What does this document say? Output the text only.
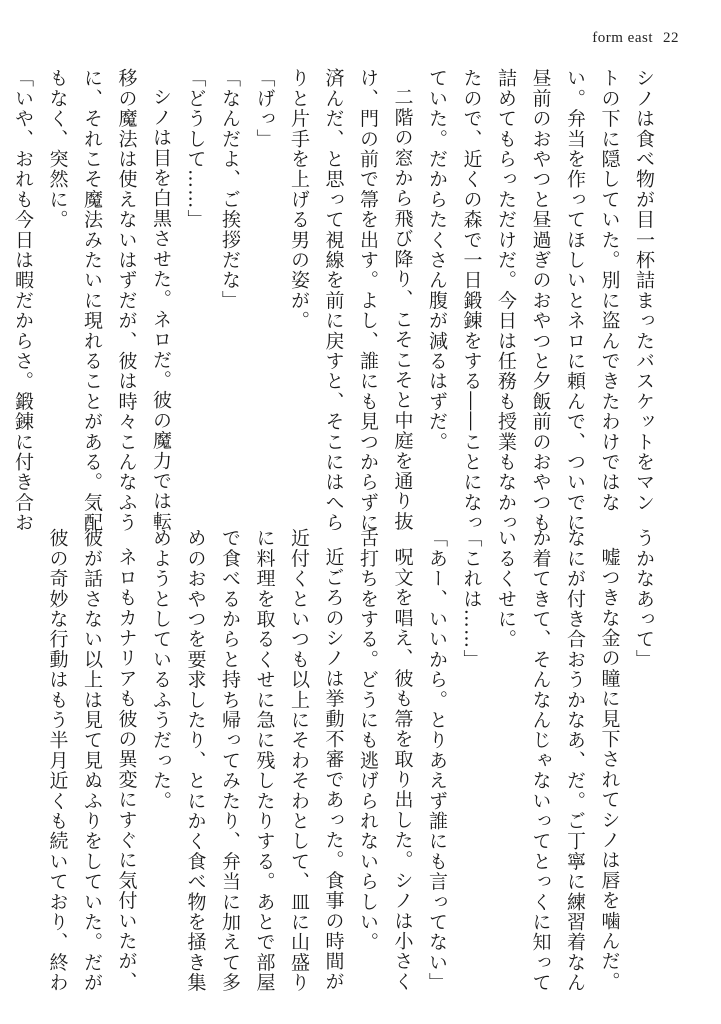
form east 22
シノは食べ物が目一杯詰まったバスケットをマン
トの下に隠していた。別に盗んできたわけではな
い。弁当を作ってほしいとネロに頼んで、ついでに
昼前のおやつと昼過ぎのおやつと夕飯前のおやつも
詰めてもらっただけだ。今日は任務も授業もなかっ
たので、近くの森で一日鍛錬をする――ことになっ
ていた。だからたくさん腹が減るはずだ。
二階の窓から飛び降り、こそこそと中庭を通り抜
け、門の前で箒を出す。よし、誰にも見つからずに
済んだ、と思って視線を前に戻すと、そこにはへら
りと片手を上げる男の姿が。
「げっ」
「なんだよ、ご挨拶だな」
「どうして……」
シノは目を白黒させた。ネロだ。彼の魔力では転
移の魔法は使えないはずだが、彼は時々こんなふう
に、それこそ魔法みたいに現れることがある。気配
もなく、突然に。
「いや、おれも今日は暇だからさ。鍛錬に付き合お
うかなあって」
嘘つきな金の瞳に見下されてシノは唇を噛んだ。
なにが付き合おうかなあ、だ。ご丁寧に練習着なん
か着てきて、そんなんじゃないってとっくに知って
いるくせに。
「これは……」
「あー、いいから。とりあえず誰にも言ってない」
呪文を唱え、彼も箒を取り出した。シノは小さく
舌打ちをする。どうにも逃げられないらしい。
近ごろのシノは挙動不審であった。食事の時間が
近付くといつも以上にそわそわとして、皿に山盛り
に料理を取るくせに急に残したりする。あとで部屋
で食べるからと持ち帰ってみたり、弁当に加えて多
めのおやつを要求したり、とにかく食べ物を掻き集
めようとしているふうだった。
ネロもカナリアも彼の異変にすぐに気付いたが、
彼が話さない以上は見て見ぬふりをしていた。だが
彼の奇妙な行動はもう半月近くも続いており、終わ
